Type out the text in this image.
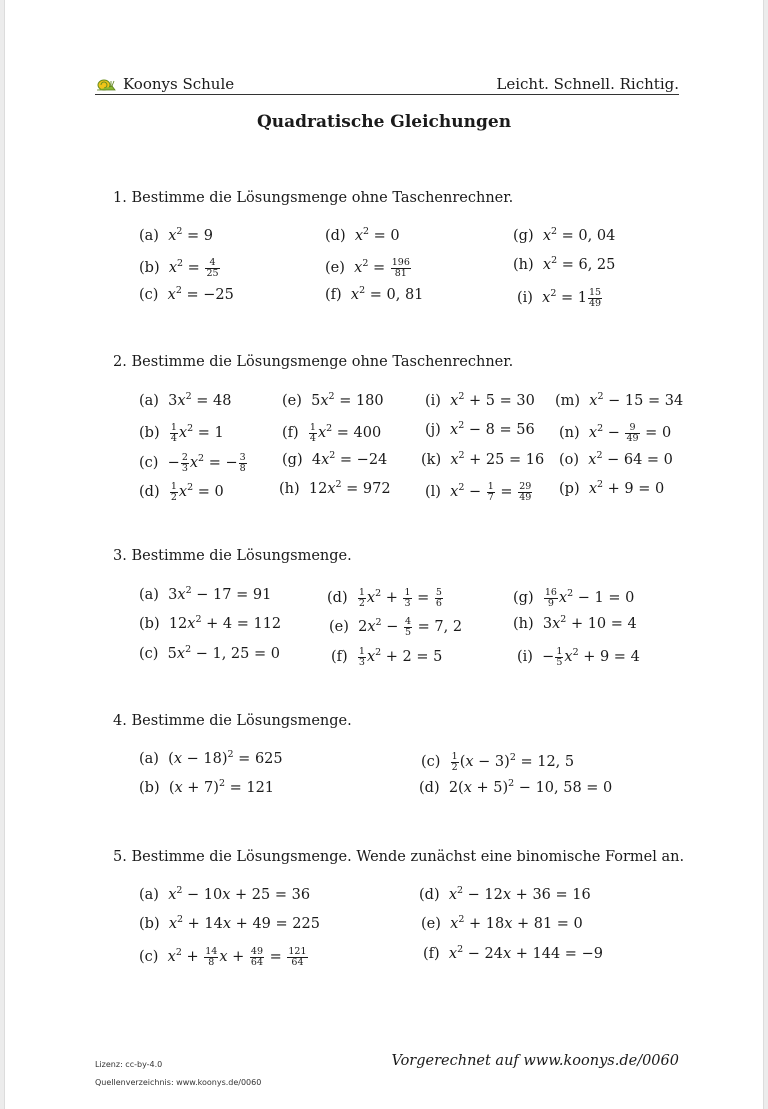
Koonys Schule	Leicht. Schnell. Richtig.
Quadratische Gleichungen
1. Bestimme die Lösungsmenge ohne Taschenrechner.
(a) $x^2 = 9$
(b) $x^2 = \frac{4}{25}$
(c) $x^2 = -25$
(d) $x^2 = 0$
(e) $x^2 = \frac{196}{81}$
(f) $x^2 = 0$, 81
(g) $x^2 = 0$, 04
(h) $x^2 = 6$, 25
(i) $x^2 = 1 \frac{15}{49}$
2. Bestimme die Lösungsmenge ohne Taschenrechner.
(a)  $3x^2 = 48$
$(b) \frac{1}{4} x^2 = 1$
$(c) - \frac{2}{3} x^2$ = − $\frac{3}{8}$
$(d) \frac{1}{2} x^2 = 0$
(e)  $5x^2 = 180$
$(f) \frac{1}{4} x^2 = 400$
(g)  $4x^2 = -24$
(h)  $12x^2 = 972$
(i) $x^2 + 5 = 30$
(j) $x^2 - 8 = 56$
(k) $x^2 + 25 = 16$
(l) $x^2 - \frac{1}{7} = \frac{29}{49}$
(m) $x^2 - 15 = 34$
(n) $x^2 - \frac{9}{49} = 0$
(o) $x^2 - 64 = 0$
(p) $x^2 + 9 = 0$
3. Bestimme die Lösungsmenge.
(a)  $3x^2 - 17 = 91$
(b)  $12x^2 + 4 = 112$
(c)  $5x^2 - 1$, 25 = 0
$(d) \frac{1}{2} x^2 + \frac{1}{3} = \frac{5}{6}$
(e)  $2x^2 - \frac{4}{5} = 7$, 2
$(f) \frac{1}{3} x^2 + 2 = 5$
$(g) \frac{16}{9} x^2 - 1 = 0$
(h)  $3x^2 + 10 = 4$
$(i) - \frac{1}{5} x^2 + 9 = 4$
4. Bestimme die Lösungsmenge.
(a)  $(x - 18)^2 = 625$
(b)  $(x + 7)^2 = 121$
$(c) \frac{1}{2} (x - 3)^2 = 12$, 5
(d)  $2(x + 5)^2 - 10$, 58 = 0
5. Bestimme die Lösungsmenge. Wende zunächst eine binomische Formel an.
(a) $x^2 - 10x + 25 = 36$
(b) $x^2 + 14x + 49 = 225$
(c) $x^2 + \frac{14}{8}$ $x + \frac{49}{64} = \frac{121}{64}$
(d) $x^2 - 12x + 36 = 16$
(e) $x^2 + 18x + 81 = 0$
(f) $x^2 - 24x + 144 = -9$
Lizenz: cc-by-4.0
Quellenverzeichnis: www.koonys.de/0060
Vorgerechnet auf www.koonys.de/0060
